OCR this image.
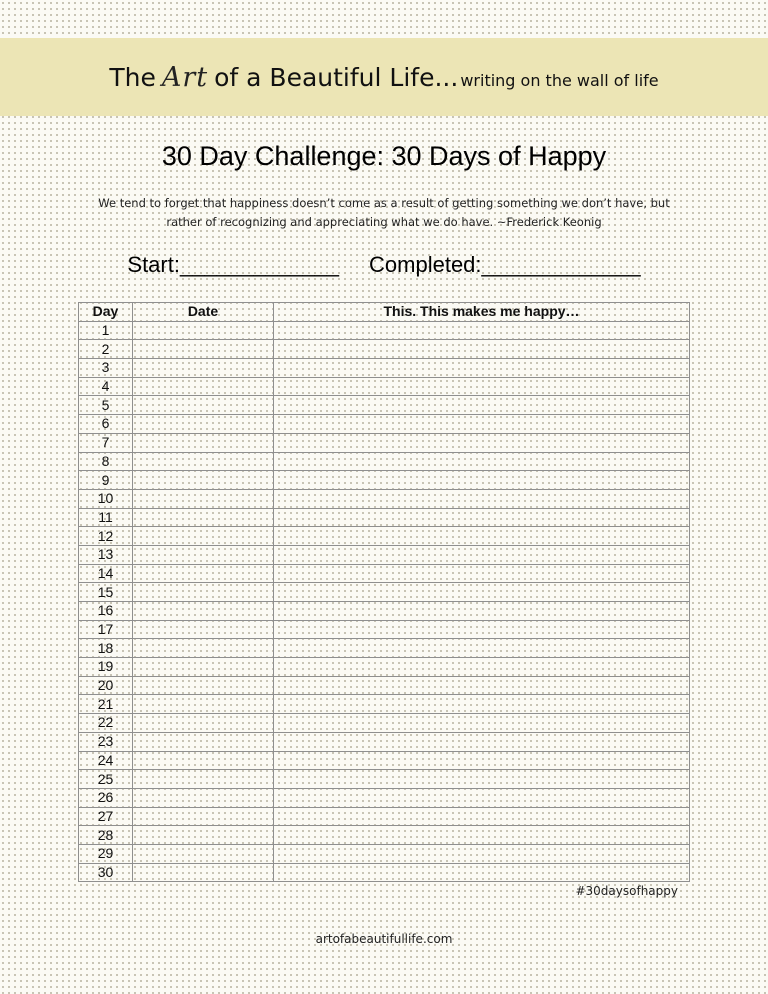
The Art of a Beautiful Life ... writing on the wall of life
30 Day Challenge: 30 Days of Happy
We tend to forget that happiness doesn’t come as a result of getting something we don’t have, but rather of recognizing and appreciating what we do have. ~Frederick Keonig
Start:_____________ Completed:_____________
Day	Date	This. This makes me happy…
1		
2		
3		
4		
5		
6		
7		
8		
9		
10		
11		
12		
13		
14		
15		
16		
17		
18		
19		
20		
21		
22		
23		
24		
25		
26		
27		
28		
29		
30		
#30daysofhappy
artofabeautifullife.com
